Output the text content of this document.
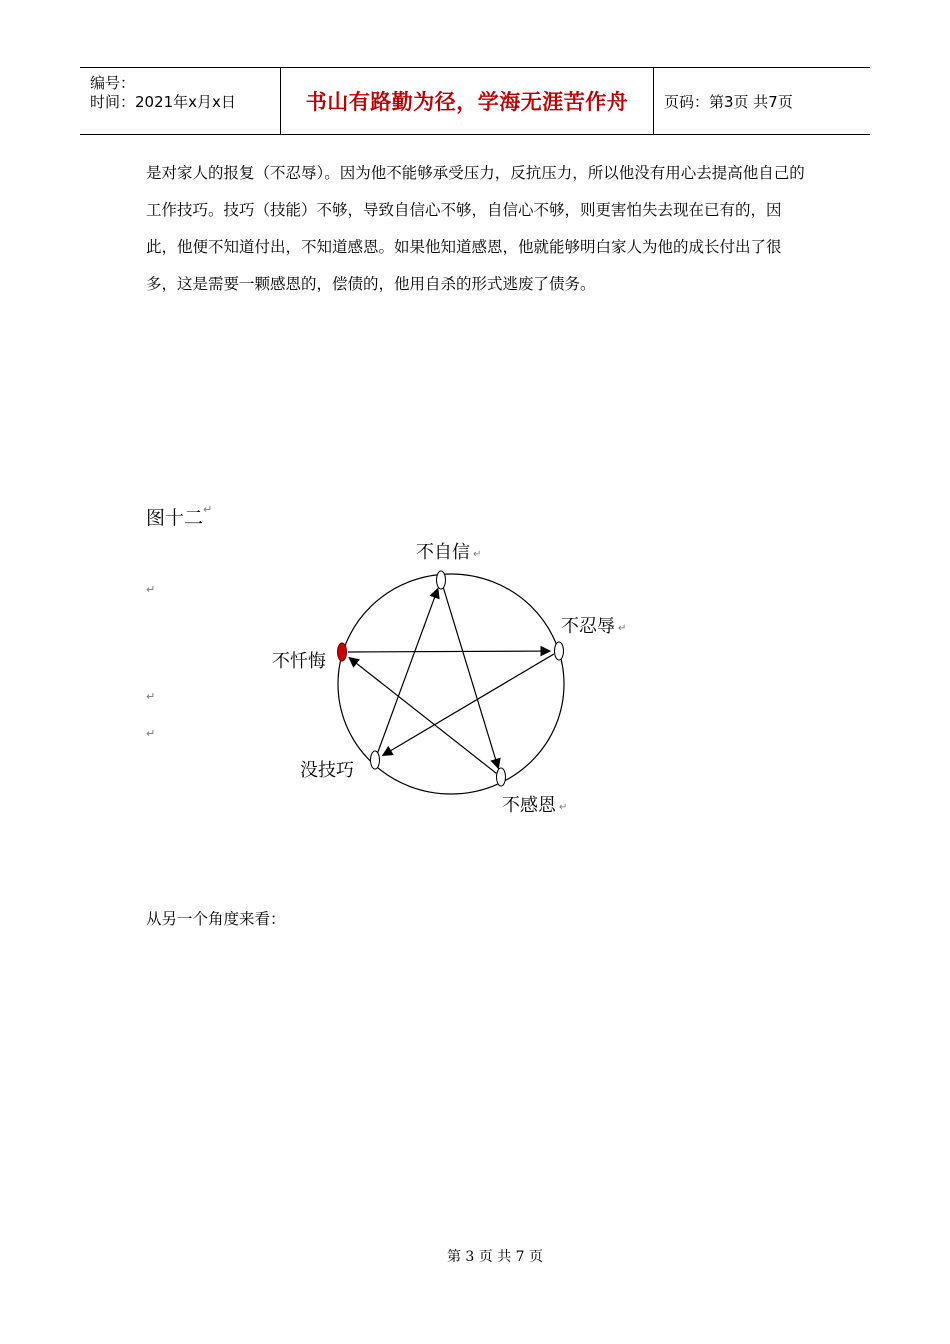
编号：
时间：2021年x月x日	书山有路勤为径，学海无涯苦作舟 页码：第3页 共7页

是对家人的报复（不忍辱）。因为他不能够承受压力，反抗压力，所以他没有用心去提高他自己的工作技巧。技巧（技能）不够，导致自信心不够，自信心不够，则更害怕失去现在已有的，因此，他便不知道付出，不知道感恩。如果他知道感恩，他就能够明白家人为他的成长付出了很多，这是需要一颗感恩的，偿债的，他用自杀的形式逃废了债务。

图十二 ↵
↵
↵
↵
不自信 ↵
不忍辱 ↵
不忏悔
没技巧
不感恩 ↵
从另一个角度来看：
第 3 页 共 7 页
